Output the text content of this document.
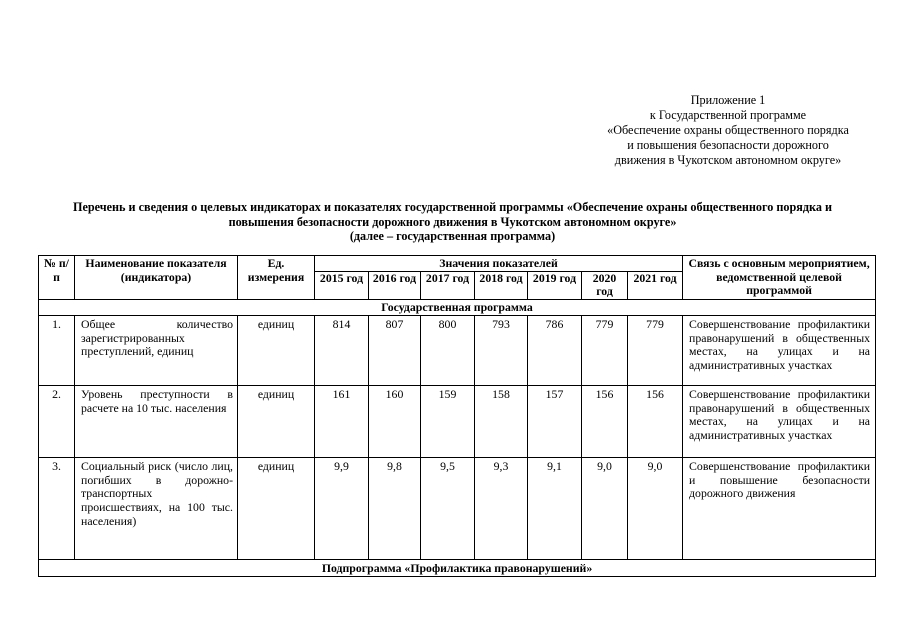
Приложение 1
к Государственной программе
«Обеспечение охраны общественного порядка
и повышения безопасности дорожного
движения в Чукотском автономном округе»
Перечень и сведения о целевых индикаторах и показателях государственной программы «Обеспечение охраны общественного порядка и
повышения безопасности дорожного движения в Чукотском автономном округе»
(далее – государственная программа)
№ п/п	Наименование показателя (индикатора)	Ед. измерения	Значения показателей							Связь с основным мероприятием, ведомственной целевой программой
			2015 год	2016 год	2017 год	2018 год	2019 год	2020 год	2021 год	
Государственная программа										
1.	Общее количество зарегистрированных преступлений, единиц	единиц	814	807	800	793	786	779	779	Совершенствование профилактики правонарушений в общественных местах, на улицах и на административных участках
2.	Уровень преступности в расчете на 10 тыс. населения	единиц	161	160	159	158	157	156	156	Совершенствование профилактики правонарушений в общественных местах, на улицах и на административных участках
3.	Социальный риск (число лиц, погибших в дорожно-транспортных происшествиях, на 100 тыс. населения)	единиц	9,9	9,8	9,5	9,3	9,1	9,0	9,0	Совершенствование профилактики и повышение безопасности дорожного движения
Подпрограмма «Профилактика правонарушений»										
